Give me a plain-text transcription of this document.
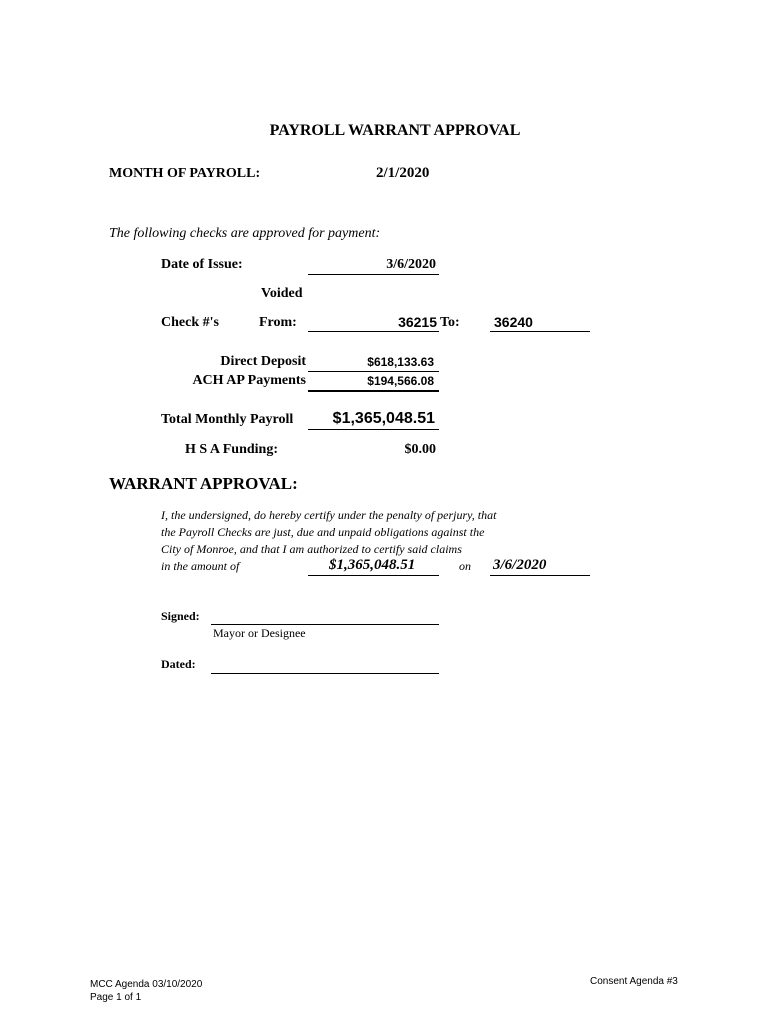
PAYROLL WARRANT APPROVAL
MONTH OF PAYROLL:	2/1/2020
The following checks are approved for payment:
Date of Issue:	3/6/2020
Voided
Check #'s	From:	36215 To: 36240
Direct Deposit	$618,133.63
ACH AP Payments	$194,566.08
Total Monthly Payroll	$1,365,048.51
H S A Funding:	$0.00
WARRANT APPROVAL:
I, the undersigned, do hereby certify under the penalty of perjury, that
the Payroll Checks are just, due and unpaid obligations against the
City of Monroe, and that I am authorized to certify said claims
in the amount of	$1,365,048.51	on 3/6/2020
Signed:
Mayor or Designee
Dated:
MCC Agenda 03/10/2020
Page 1 of 1
Consent Agenda #3
